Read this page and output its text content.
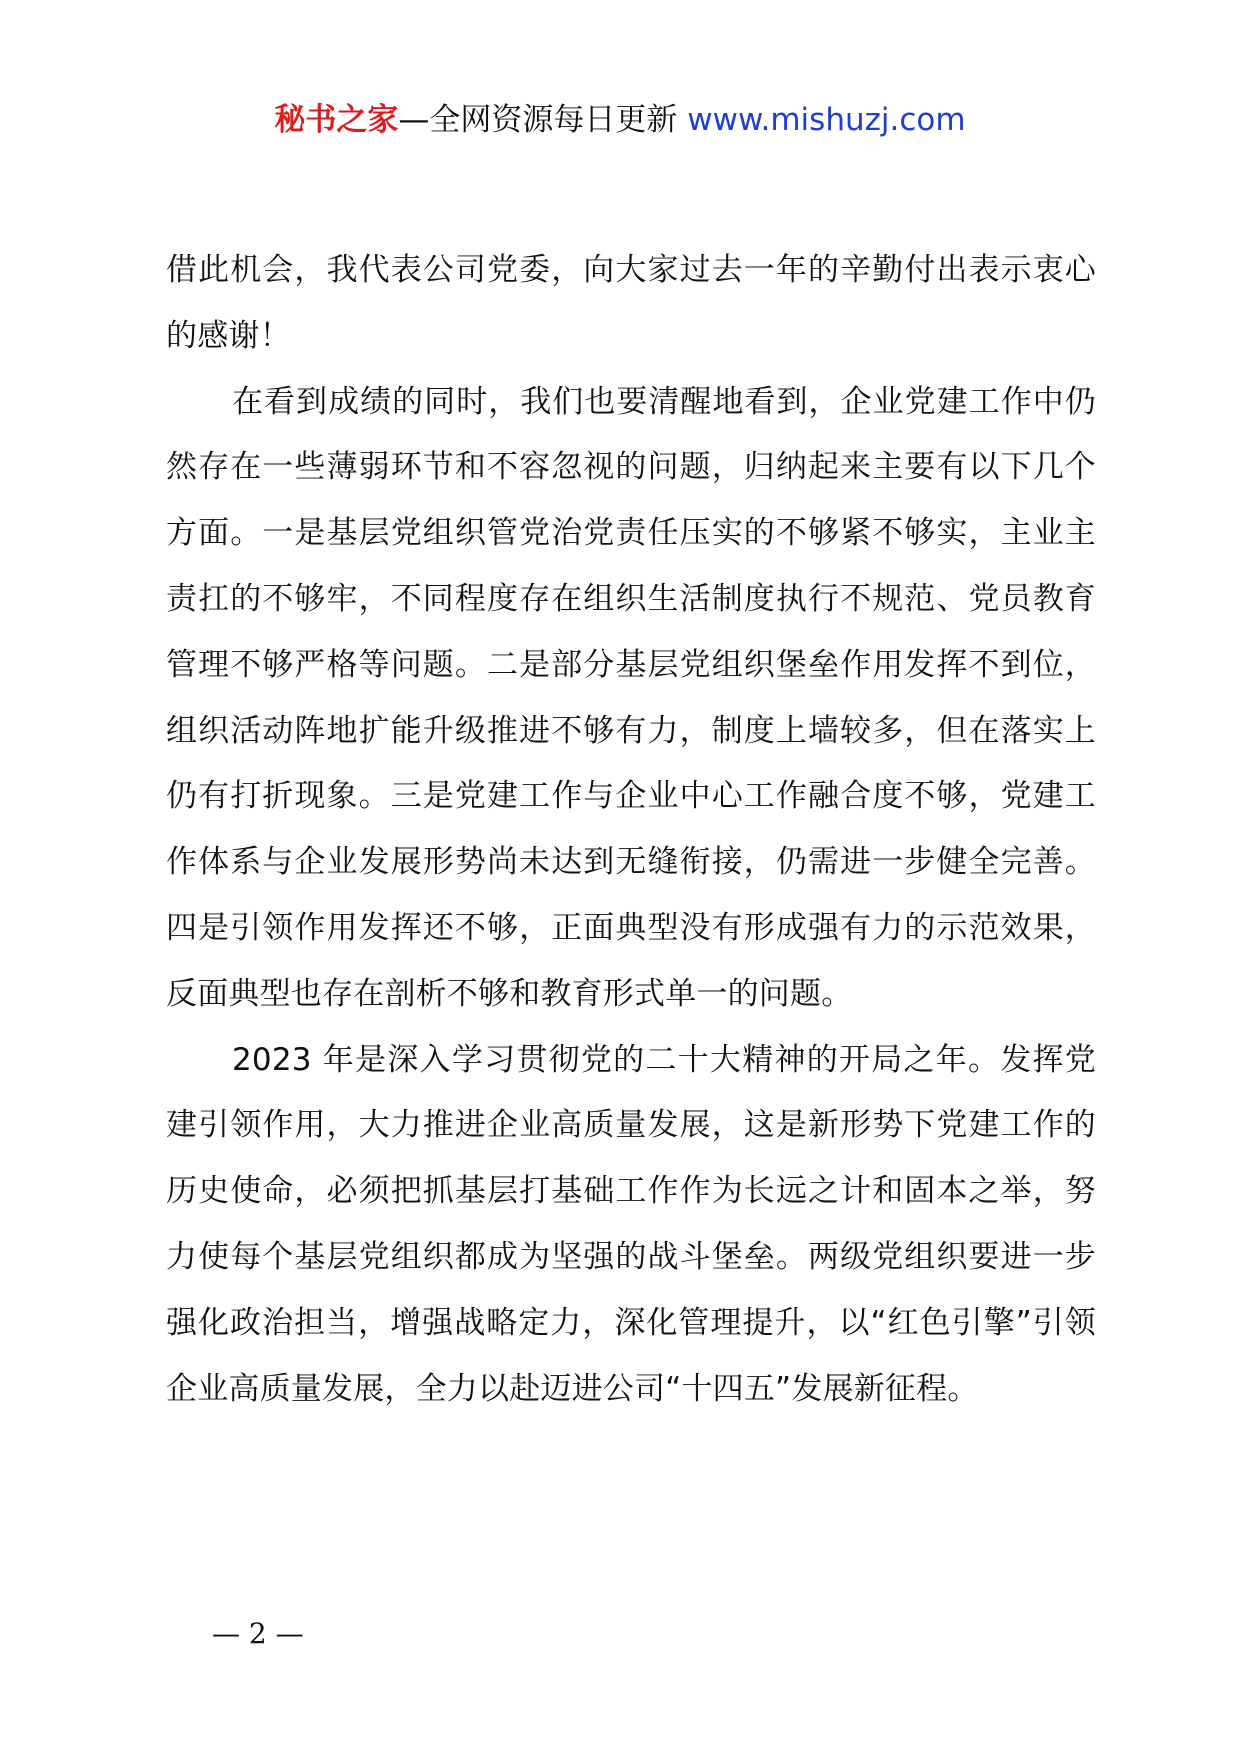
秘书之家—全网资源每日更新 www.mishuzj.com

借此机会，我代表公司党委，向大家过去一年的辛勤付出表示衷心的感谢！

在看到成绩的同时，我们也要清醒地看到，企业党建工作中仍然存在一些薄弱环节和不容忽视的问题，归纳起来主要有以下几个方面。一是基层党组织管党治党责任压实的不够紧不够实，主业主责扛的不够牢，不同程度存在组织生活制度执行不规范、党员教育管理不够严格等问题。二是部分基层党组织堡垒作用发挥不到位，组织活动阵地扩能升级推进不够有力，制度上墙较多，但在落实上仍有打折现象。三是党建工作与企业中心工作融合度不够，党建工作体系与企业发展形势尚未达到无缝衔接，仍需进一步健全完善。四是引领作用发挥还不够，正面典型没有形成强有力的示范效果，反面典型也存在剖析不够和教育形式单一的问题。

2023 年是深入学习贯彻党的二十大精神的开局之年。发挥党建引领作用，大力推进企业高质量发展，这是新形势下党建工作的历史使命，必须把抓基层打基础工作作为长远之计和固本之举，努力使每个基层党组织都成为坚强的战斗堡垒。两级党组织要进一步强化政治担当，增强战略定力，深化管理提升，以“红色引擎”引领企业高质量发展，全力以赴迈进公司“十四五”发展新征程。

— 2 —
